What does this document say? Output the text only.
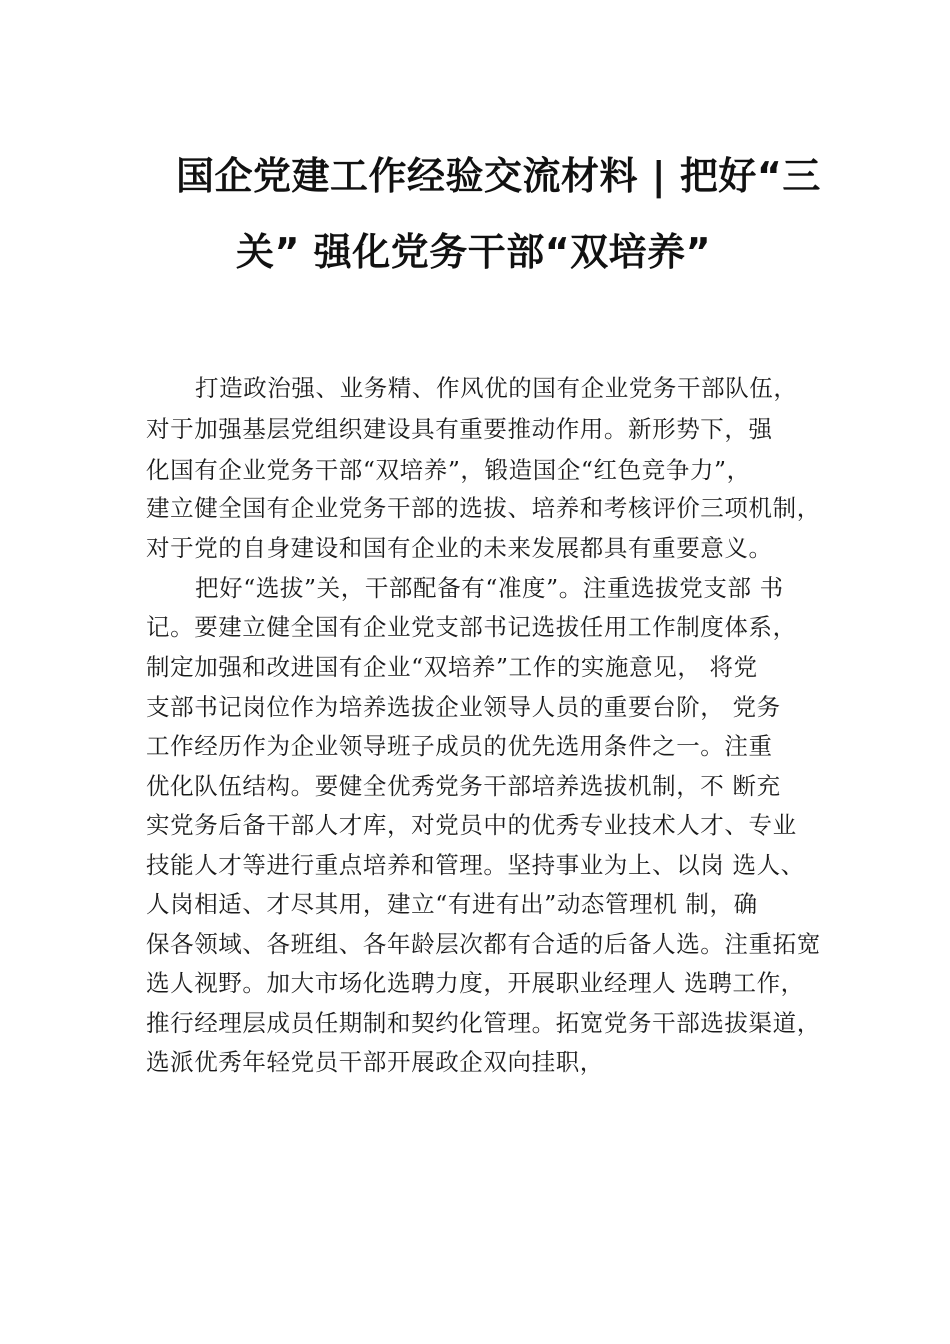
国企党建工作经验交流材料 | 把好“三
关” 强化党务干部“双培养”
打造政治强、业务精、作风优的国有企业党务干部队伍，
对于加强基层党组织建设具有重要推动作用。新形势下，强
化国有企业党务干部“双培养”，锻造国企“红色竞争力”，
建立健全国有企业党务干部的选拔、培养和考核评价三项机制，
对于党的自身建设和国有企业的未来发展都具有重要意义。
把好“选拔”关，干部配备有“准度”。注重选拔党支部 书
记。要建立健全国有企业党支部书记选拔任用工作制度体系，
制定加强和改进国有企业“双培养”工作的实施意见， 将党
支部书记岗位作为培养选拔企业领导人员的重要台阶， 党务
工作经历作为企业领导班子成员的优先选用条件之一。注重
优化队伍结构。要健全优秀党务干部培养选拔机制，不 断充
实党务后备干部人才库，对党员中的优秀专业技术人才、专业
技能人才等进行重点培养和管理。坚持事业为上、以岗 选人、
人岗相适、才尽其用，建立“有进有出”动态管理机 制，确
保各领域、各班组、各年龄层次都有合适的后备人选。注重拓宽
选人视野。加大市场化选聘力度，开展职业经理人 选聘工作，
推行经理层成员任期制和契约化管理。拓宽党务干部选拔渠道，
选派优秀年轻党员干部开展政企双向挂职，
